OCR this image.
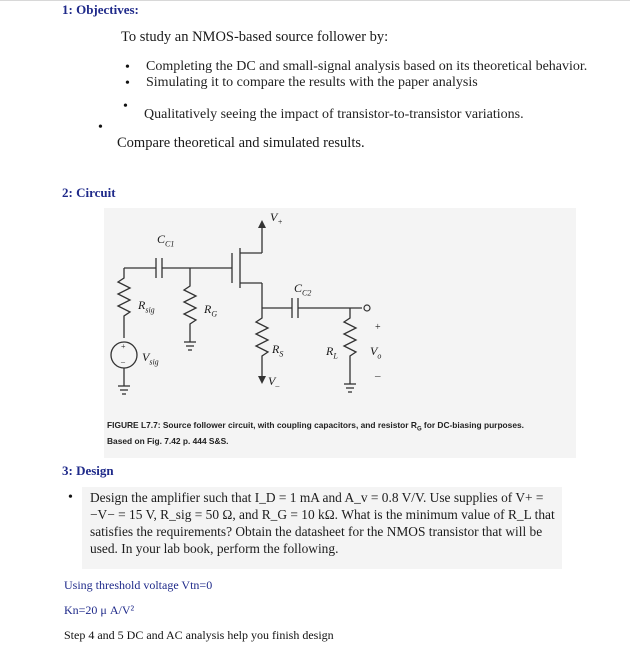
1: Objectives:
To study an NMOS-based source follower by:
• Completing the DC and small-signal analysis based on its theoretical behavior.
• Simulating it to compare the results with the paper analysis
•
Qualitatively seeing the impact of transistor-to-transistor variations.
•
Compare theoretical and simulated results.
2: Circuit
$C_{C1}$
$V_+$
$C_{C2}$
$R_{sig}$	$R_G$
$R_S$	$R_L$
$V_{sig}$
$V_o$
$V_-$
+
–
+
–
FIGURE L7.7: Source follower circuit, with coupling capacitors, and resistor $R_G$ for DC-biasing purposes.
Based on Fig. 7.42 p. 444 S&S.
3: Design
• Design the amplifier such that I_D = 1 mA and A_v = 0.8 V/V. Use supplies of V+ = −V− = 15 V, R_sig = 50 Ω, and R_G = 10 kΩ. What is the minimum value of R_L that satisfies the requirements? Obtain the datasheet for the NMOS transistor that will be used. In your lab book, perform the following.
Using threshold voltage Vtn=0
Kn=20 μ A/V²
Step 4 and 5 DC and AC analysis help you finish design
